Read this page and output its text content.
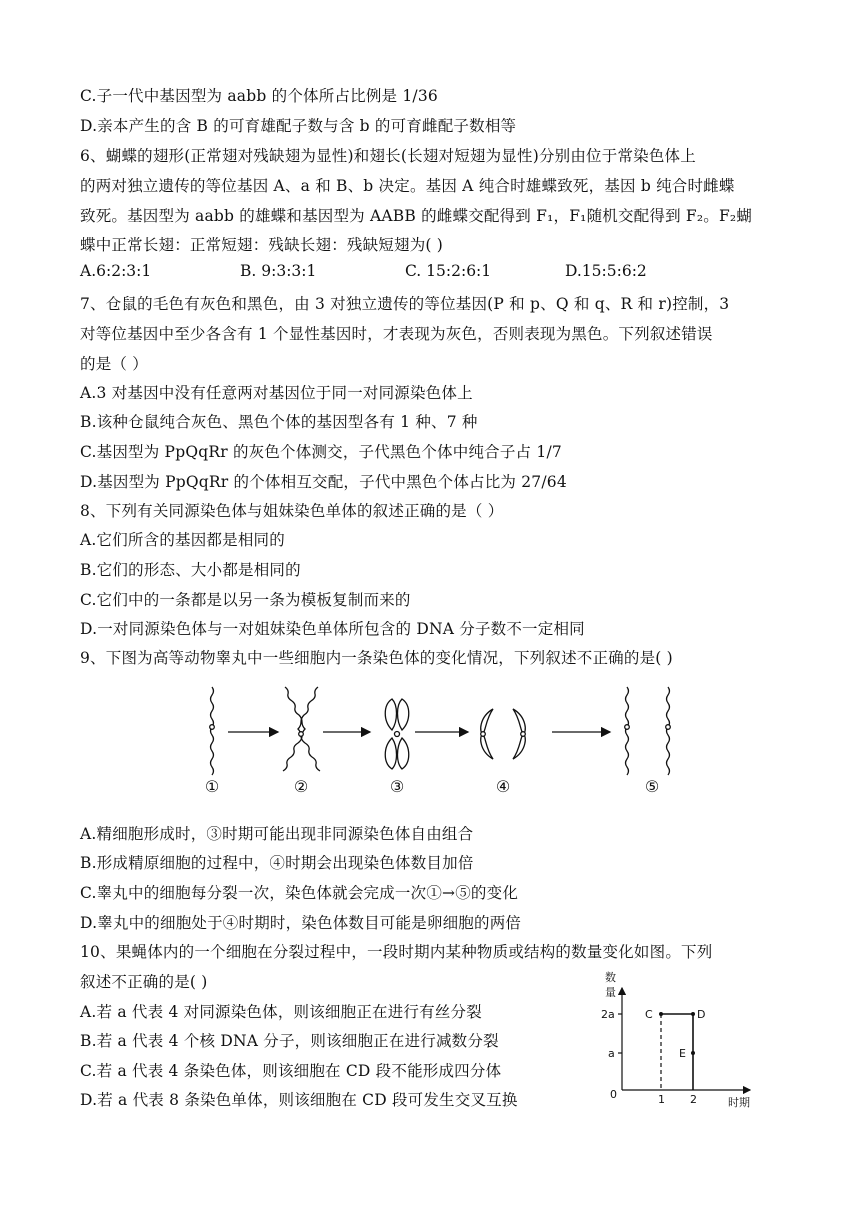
C.子一代中基因型为 aabb 的个体所占比例是 1/36
D.亲本产生的含 B 的可育雄配子数与含 b 的可育雌配子数相等
6、蝴蝶的翅形(正常翅对残缺翅为显性)和翅长(长翅对短翅为显性)分别由位于常染色体上
的两对独立遗传的等位基因 A、a 和 B、b 决定。基因 A 纯合时雄蝶致死，基因 b 纯合时雌蝶
致死。基因型为 aabb 的雄蝶和基因型为 AABB 的雌蝶交配得到 F₁，F₁随机交配得到 F₂。F₂蝴
蝶中正常长翅：正常短翅：残缺长翅：残缺短翅为( )
A.6:2:3:1	B. 9:3:3:1	C. 15:2:6:1	D.15:5:6:2
7、仓鼠的毛色有灰色和黑色，由 3 对独立遗传的等位基因(P 和 p、Q 和 q、R 和 r)控制，3
对等位基因中至少各含有 1 个显性基因时，才表现为灰色，否则表现为黑色。下列叙述错误
的是（ ）
A.3 对基因中没有任意两对基因位于同一对同源染色体上
B.该种仓鼠纯合灰色、黑色个体的基因型各有 1 种、7 种
C.基因型为 PpQqRr 的灰色个体测交，子代黑色个体中纯合子占 1/7
D.基因型为 PpQqRr 的个体相互交配，子代中黑色个体占比为 27/64
8、下列有关同源染色体与姐妹染色单体的叙述正确的是（ ）
A.它们所含的基因都是相同的
B.它们的形态、大小都是相同的
C.它们中的一条都是以另一条为模板复制而来的
D.一对同源染色体与一对姐妹染色单体所包含的 DNA 分子数不一定相同
9、下图为高等动物睾丸中一些细胞内一条染色体的变化情况，下列叙述不正确的是( )
①	②	③	④	⑤
A.精细胞形成时，③时期可能出现非同源染色体自由组合
B.形成精原细胞的过程中，④时期会出现染色体数目加倍
C.睾丸中的细胞每分裂一次，染色体就会完成一次①→⑤的变化
D.睾丸中的细胞处于④时期时，染色体数目可能是卵细胞的两倍
10、果蝇体内的一个细胞在分裂过程中，一段时期内某种物质或结构的数量变化如图。下列
叙述不正确的是( )
A.若 a 代表 4 对同源染色体，则该细胞正在进行有丝分裂
B.若 a 代表 4 个核 DNA 分子，则该细胞正在进行减数分裂
C.若 a 代表 4 条染色体，则该细胞在 CD 段不能形成四分体
D.若 a 代表 8 条染色单体，则该细胞在 CD 段可发生交叉互换
数
量
2a
a
0	1 2	时期
C	D
E
